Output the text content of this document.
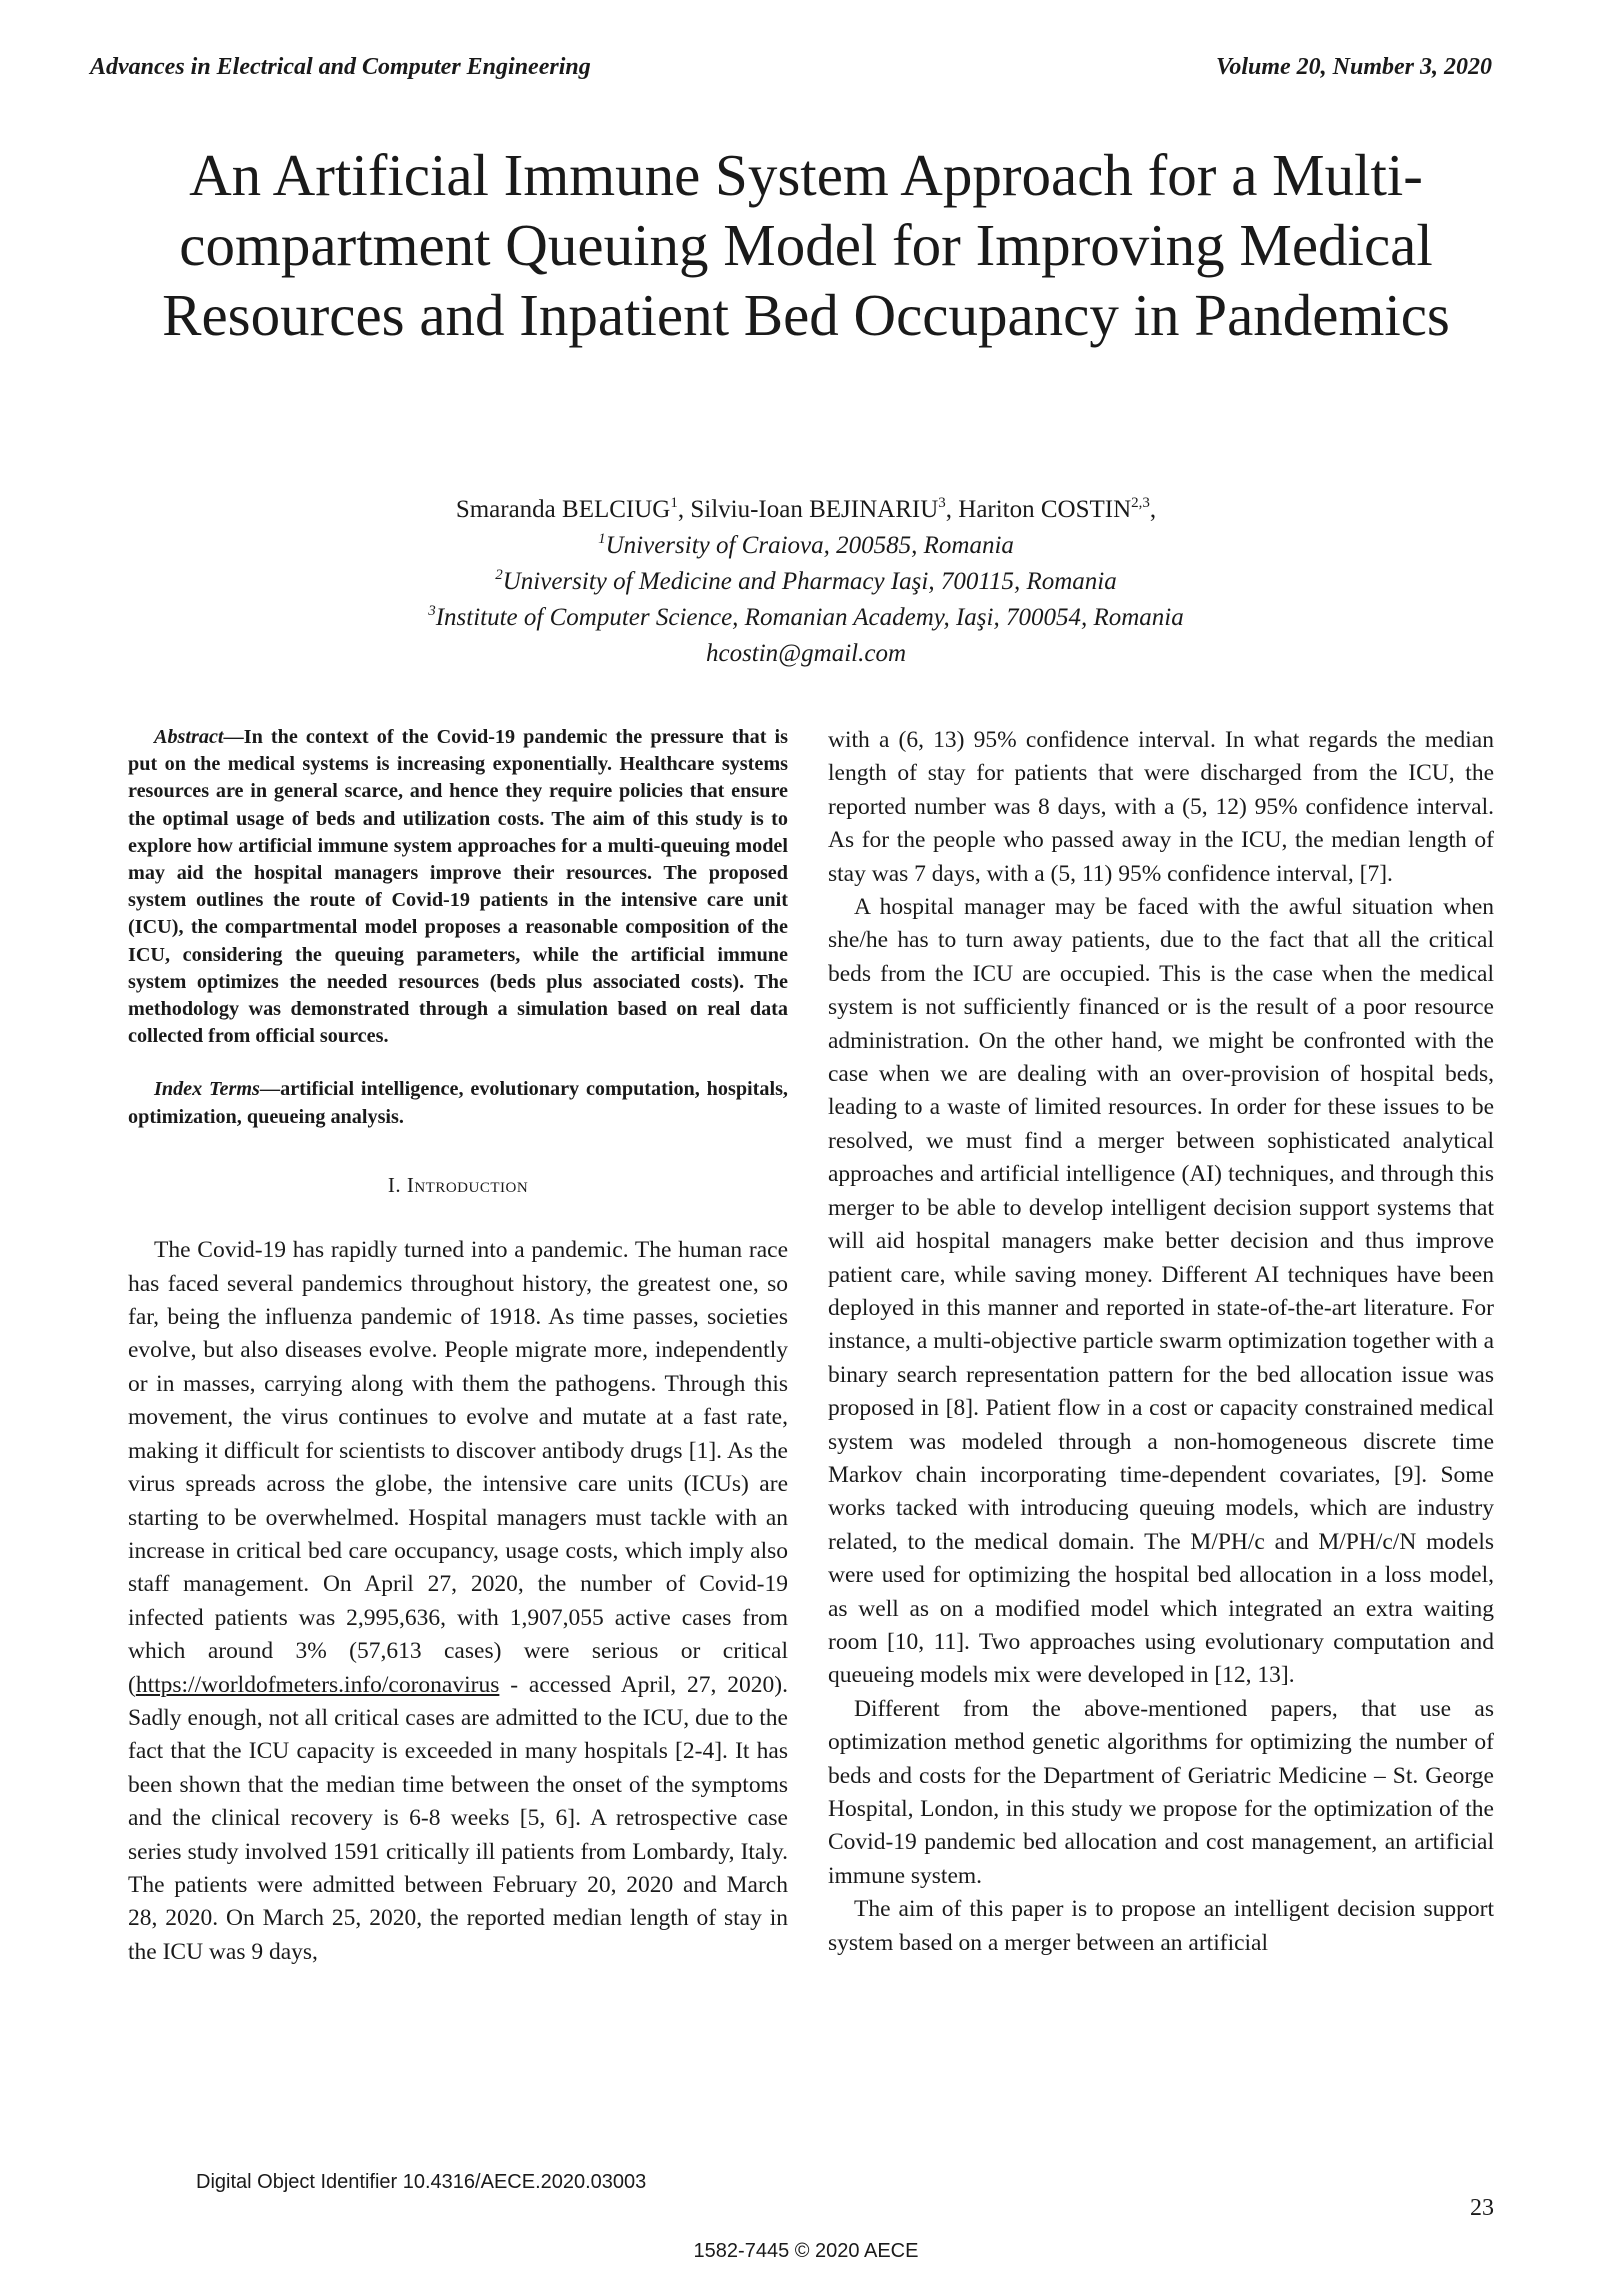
Advances in Electrical and Computer Engineering	Volume 20, Number 3, 2020
An Artificial Immune System Approach for a Multi-compartment Queuing Model for Improving Medical Resources and Inpatient Bed Occupancy in Pandemics
Smaranda BELCIUG$^1$, Silviu-Ioan BEJINARIU$^3$, Hariton COSTIN$^{2,3}$,
$^1$University of Craiova, 200585, Romania
$^2$University of Medicine and Pharmacy Iaşi, 700115, Romania
$^3$Institute of Computer Science, Romanian Academy, Iaşi, 700054, Romania
hcostin@gmail.com

Abstract—In the context of the Covid-19 pandemic the pressure that is put on the medical systems is increasing exponentially. Healthcare systems resources are in general scarce, and hence they require policies that ensure the optimal usage of beds and utilization costs. The aim of this study is to explore how artificial immune system approaches for a multi-queuing model may aid the hospital managers improve their resources. The proposed system outlines the route of Covid-19 patients in the intensive care unit (ICU), the compartmental model proposes a reasonable composition of the ICU, considering the queuing parameters, while the artificial immune system optimizes the needed resources (beds plus associated costs). The methodology was demonstrated through a simulation based on real data collected from official sources.

Index Terms—artificial intelligence, evolutionary computation, hospitals, optimization, queueing analysis.

I. Introduction

The Covid-19 has rapidly turned into a pandemic. The human race has faced several pandemics throughout history, the greatest one, so far, being the influenza pandemic of 1918. As time passes, societies evolve, but also diseases evolve. People migrate more, independently or in masses, carrying along with them the pathogens. Through this movement, the virus continues to evolve and mutate at a fast rate, making it difficult for scientists to discover antibody drugs [1]. As the virus spreads across the globe, the intensive care units (ICUs) are starting to be overwhelmed. Hospital managers must tackle with an increase in critical bed care occupancy, usage costs, which imply also staff management. On April 27, 2020, the number of Covid-19 infected patients was 2,995,636, with 1,907,055 active cases from which around 3% (57,613 cases) were serious or critical (https://worldofmeters.info/coronavirus - accessed April, 27, 2020). Sadly enough, not all critical cases are admitted to the ICU, due to the fact that the ICU capacity is exceeded in many hospitals [2-4]. It has been shown that the median time between the onset of the symptoms and the clinical recovery is 6-8 weeks [5, 6]. A retrospective case series study involved 1591 critically ill patients from Lombardy, Italy. The patients were admitted between February 20, 2020 and March 28, 2020. On March 25, 2020, the reported median length of stay in the ICU was 9 days,

with a (6, 13) 95% confidence interval. In what regards the median length of stay for patients that were discharged from the ICU, the reported number was 8 days, with a (5, 12) 95% confidence interval. As for the people who passed away in the ICU, the median length of stay was 7 days, with a (5, 11) 95% confidence interval, [7].

A hospital manager may be faced with the awful situation when she/he has to turn away patients, due to the fact that all the critical beds from the ICU are occupied. This is the case when the medical system is not sufficiently financed or is the result of a poor resource administration. On the other hand, we might be confronted with the case when we are dealing with an over-provision of hospital beds, leading to a waste of limited resources. In order for these issues to be resolved, we must find a merger between sophisticated analytical approaches and artificial intelligence (AI) techniques, and through this merger to be able to develop intelligent decision support systems that will aid hospital managers make better decision and thus improve patient care, while saving money. Different AI techniques have been deployed in this manner and reported in state-of-the-art literature. For instance, a multi-objective particle swarm optimization together with a binary search representation pattern for the bed allocation issue was proposed in [8]. Patient flow in a cost or capacity constrained medical system was modeled through a non-homogeneous discrete time Markov chain incorporating time-dependent covariates, [9]. Some works tacked with introducing queuing models, which are industry related, to the medical domain. The M/PH/c and M/PH/c/N models were used for optimizing the hospital bed allocation in a loss model, as well as on a modified model which integrated an extra waiting room [10, 11]. Two approaches using evolutionary computation and queueing models mix were developed in [12, 13].

Different from the above-mentioned papers, that use as optimization method genetic algorithms for optimizing the number of beds and costs for the Department of Geriatric Medicine – St. George Hospital, London, in this study we propose for the optimization of the Covid-19 pandemic bed allocation and cost management, an artificial immune system.

The aim of this paper is to propose an intelligent decision support system based on a merger between an artificial

Digital Object Identifier 10.4316/AECE.2020.03003
23
1582-7445 © 2020 AECE
